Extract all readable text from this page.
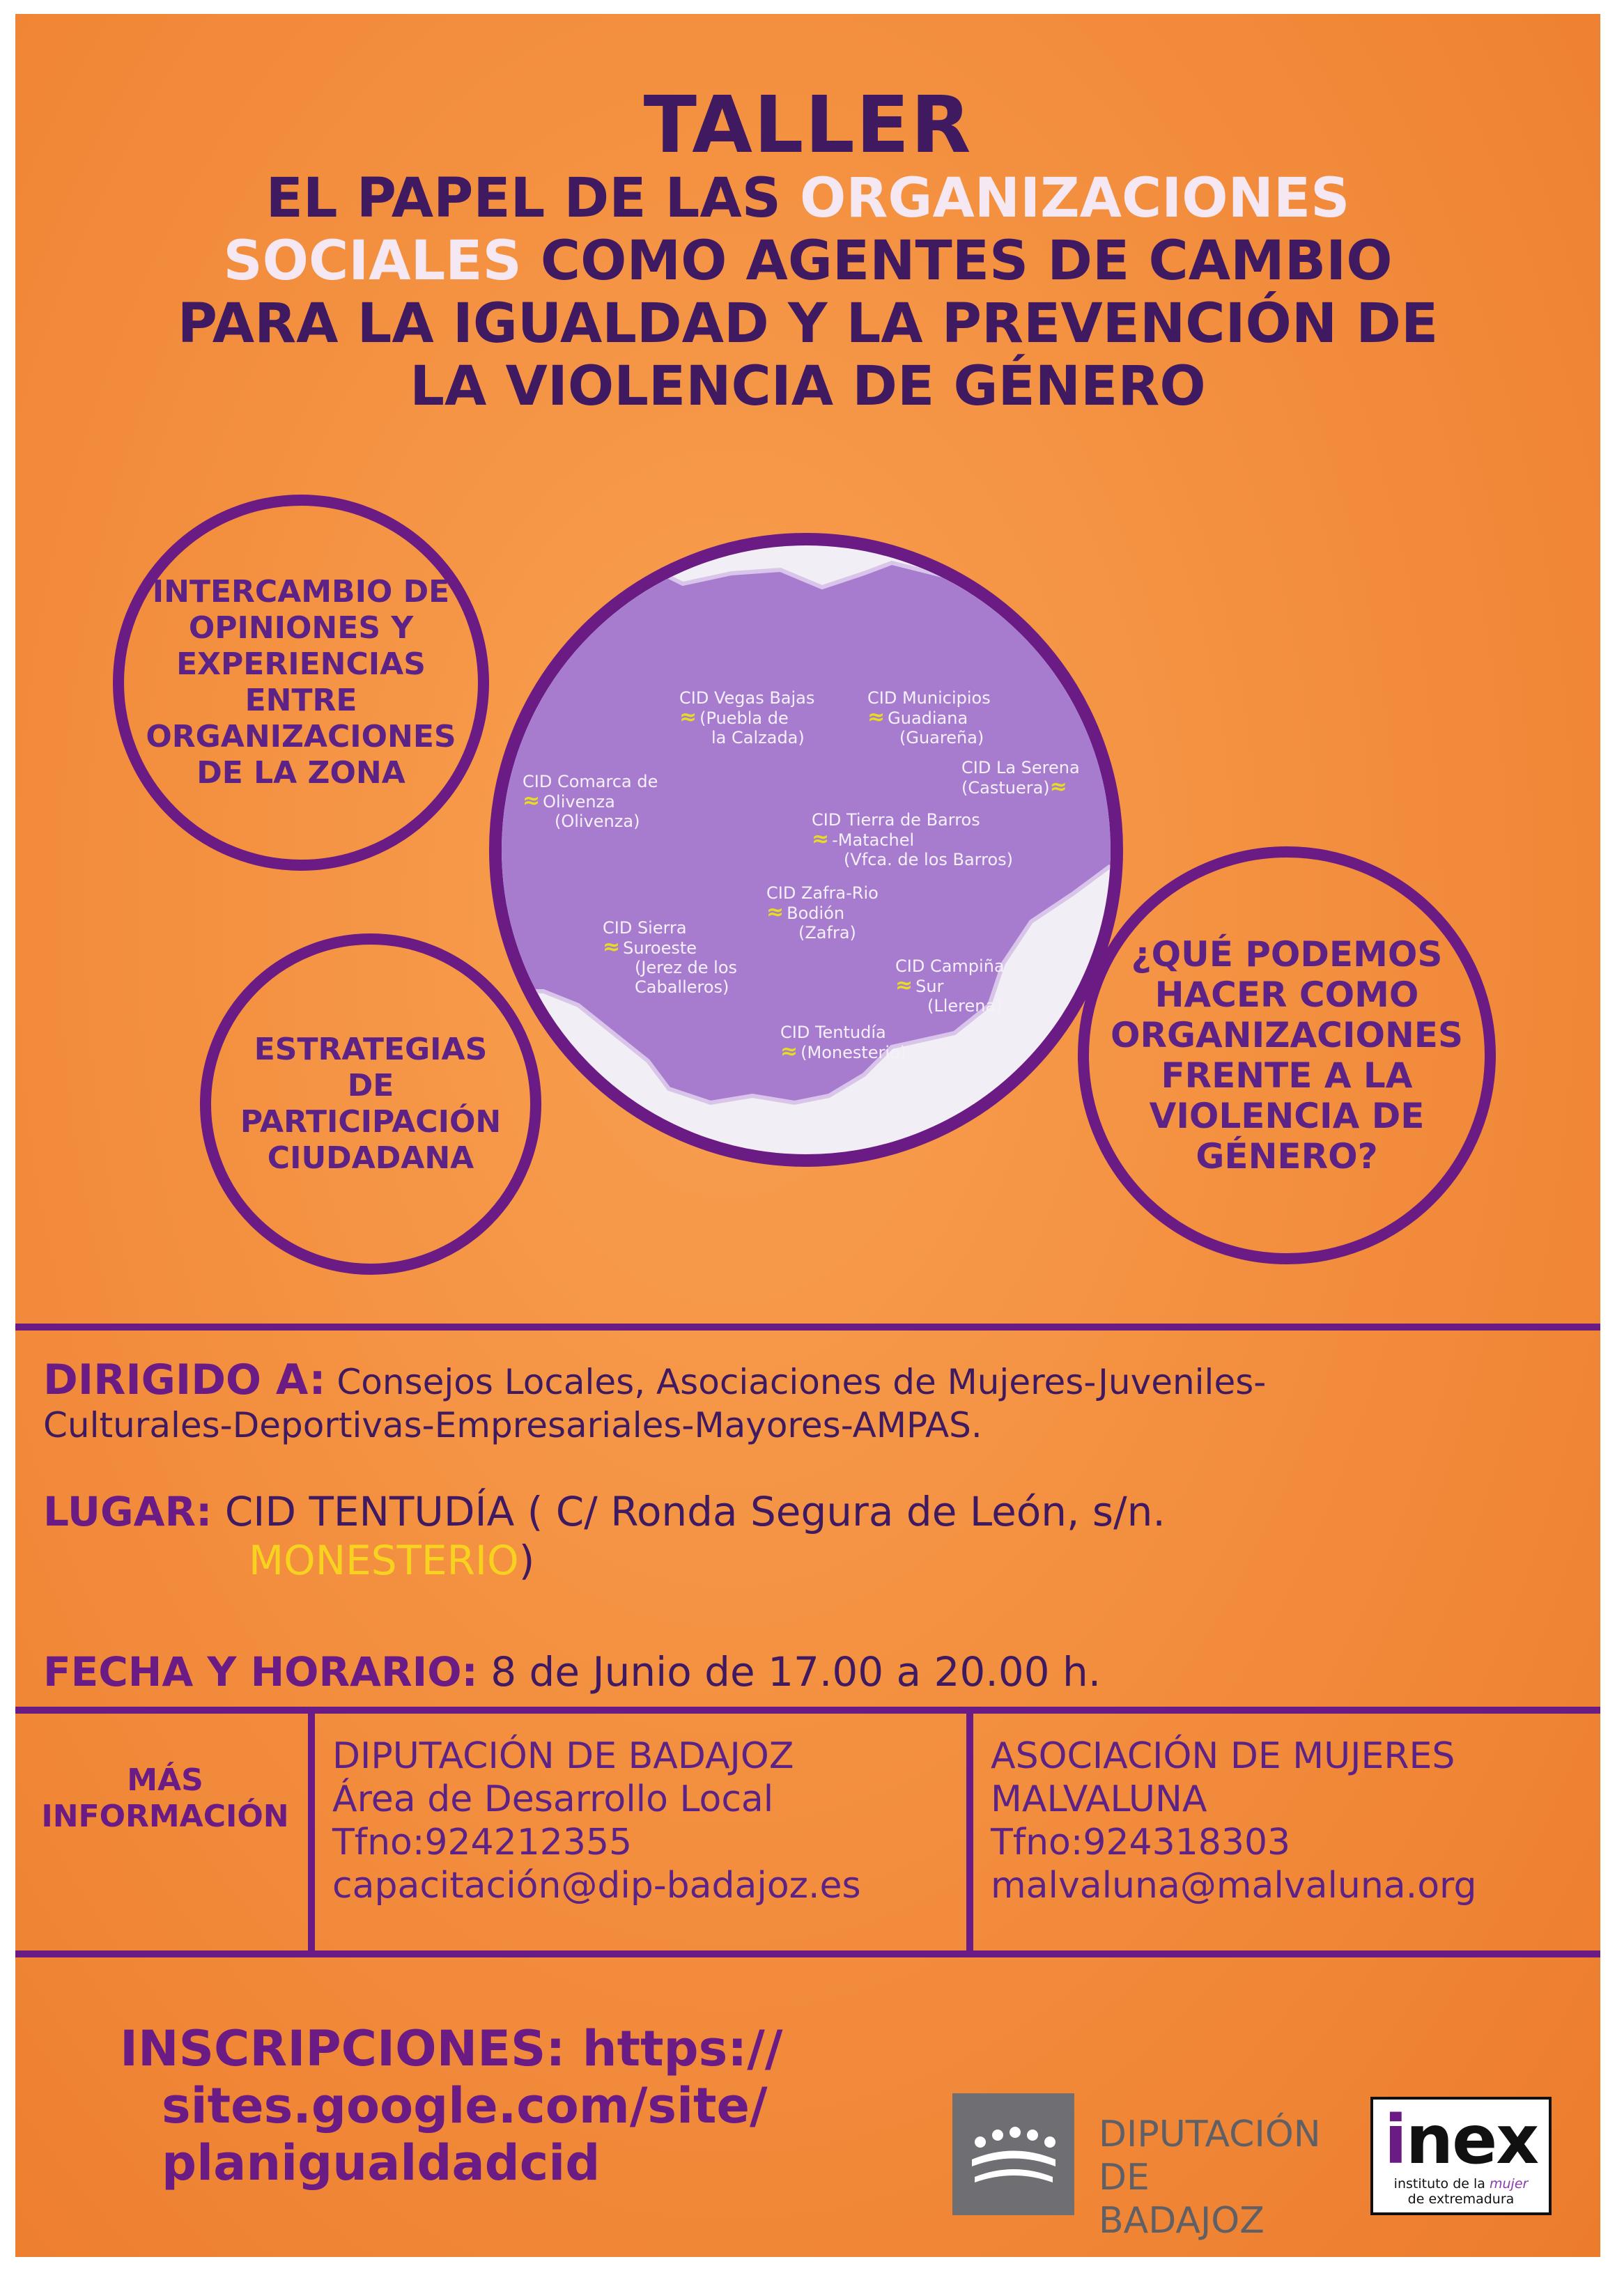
TALLER
EL PAPEL DE LAS ORGANIZACIONES
SOCIALES COMO AGENTES DE CAMBIO
PARA LA IGUALDAD Y LA PREVENCIÓN DE
LA VIOLENCIA DE GÉNERO
INTERCAMBIO DE
OPINIONES Y
EXPERIENCIAS
ENTRE
ORGANIZACIONES
DE LA ZONA
CID Vegas Bajas
≈ (Puebla de
la Calzada)
CID Municipios
≈ Guadiana
(Guareña)
CID La Serena
(Castuera)≈
CID Comarca de
≈ Olivenza
(Olivenza)	CID Tierra de Barros
≈ -Matachel
(Vfca. de los Barros)
CID Zafra-Rio
≈ Bodión
(Zafra)
CID Sierra
≈ Suroeste
(Jerez de los
Caballeros)
CID Campiña
≈ Sur
(Llerena)
CID Tentudía
≈ (Monesterio)
ESTRATEGIAS
DE
PARTICIPACIÓN
CIUDADANA
¿QUÉ PODEMOS
HACER COMO
ORGANIZACIONES
FRENTE A LA
VIOLENCIA DE
GÉNERO?
DIRIGIDO A: Consejos Locales, Asociaciones de Mujeres-Juveniles-
Culturales-Deportivas-Empresariales-Mayores-AMPAS.
LUGAR: CID TENTUDÍA ( C/ Ronda Segura de León, s/n.
MONESTERIO)
FECHA Y HORARIO: 8 de Junio de 17.00 a 20.00 h.
MÁS
INFORMACIÓN
DIPUTACIÓN DE BADAJOZ
Área de Desarrollo Local
Tfno:924212355
capacitación@dip-badajoz.es
ASOCIACIÓN DE MUJERES
MALVALUNA
Tfno:924318303
malvaluna@malvaluna.org
INSCRIPCIONES: https://
sites.google.com/site/
planigualdadcid	DIPUTACIÓN
DE BADAJOZ
inex
instituto de la mujer
de extremadura
